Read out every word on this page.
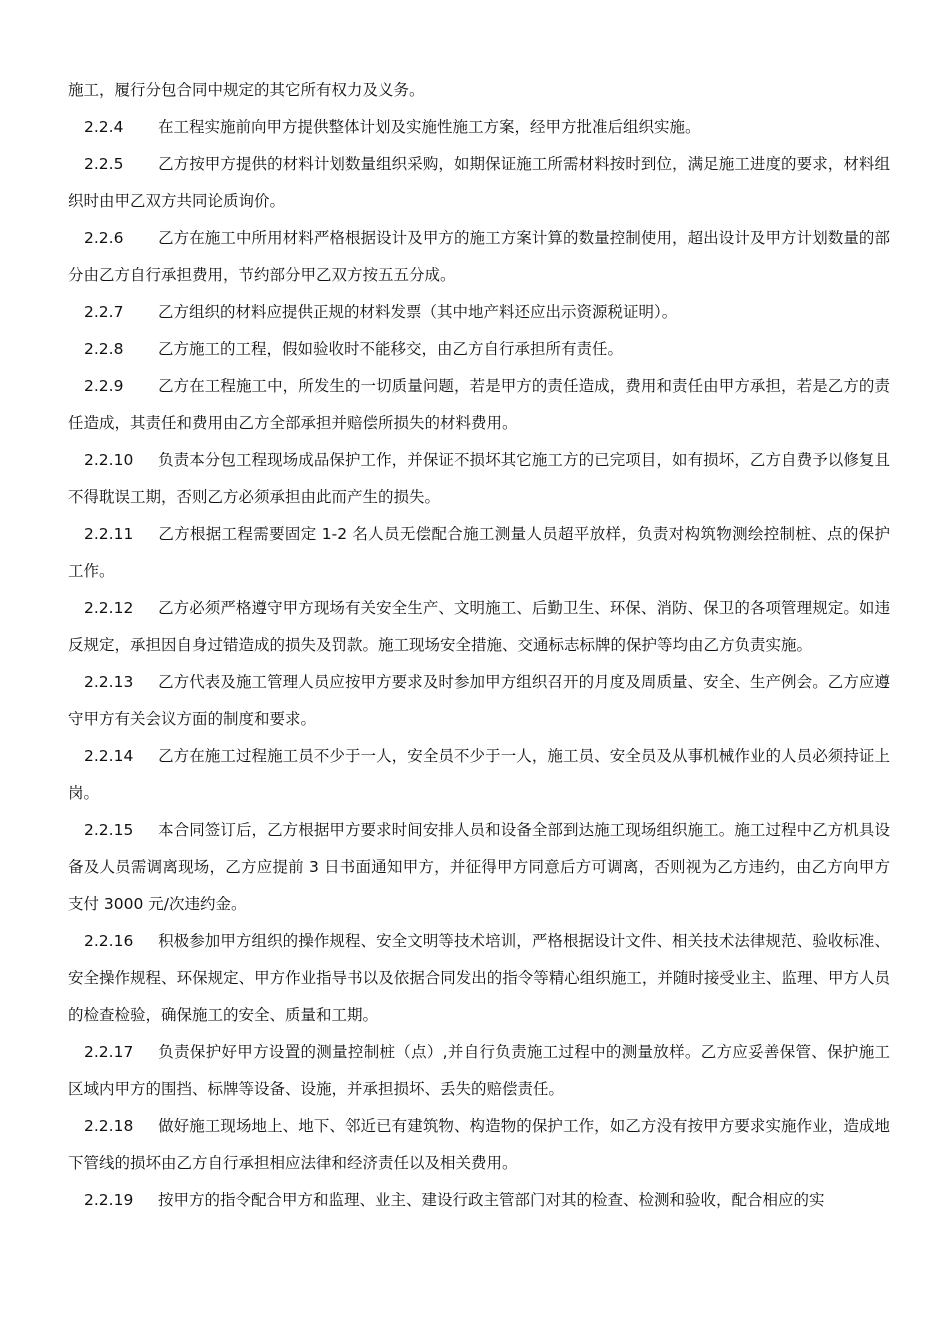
施工，履行分包合同中规定的其它所有权力及义务。

2.2.4 在工程实施前向甲方提供整体计划及实施性施工方案，经甲方批准后组织实施。

2.2.5 乙方按甲方提供的材料计划数量组织采购，如期保证施工所需材料按时到位，满足施工进度的要求，材料组织时由甲乙双方共同论质询价。

2.2.6 乙方在施工中所用材料严格根据设计及甲方的施工方案计算的数量控制使用，超出设计及甲方计划数量的部分由乙方自行承担费用，节约部分甲乙双方按五五分成。

2.2.7 乙方组织的材料应提供正规的材料发票（其中地产料还应出示资源税证明）。

2.2.8 乙方施工的工程，假如验收时不能移交，由乙方自行承担所有责任。

2.2.9 乙方在工程施工中，所发生的一切质量问题，若是甲方的责任造成，费用和责任由甲方承担，若是乙方的责任造成，其责任和费用由乙方全部承担并赔偿所损失的材料费用。

2.2.10 负责本分包工程现场成品保护工作，并保证不损坏其它施工方的已完项目，如有损坏，乙方自费予以修复且不得耽误工期，否则乙方必须承担由此而产生的损失。

2.2.11 乙方根据工程需要固定 1-2 名人员无偿配合施工测量人员超平放样，负责对构筑物测绘控制桩、点的保护工作。

2.2.12 乙方必须严格遵守甲方现场有关安全生产、文明施工、后勤卫生、环保、消防、保卫的各项管理规定。如违反规定，承担因自身过错造成的损失及罚款。施工现场安全措施、交通标志标牌的保护等均由乙方负责实施。

2.2.13 乙方代表及施工管理人员应按甲方要求及时参加甲方组织召开的月度及周质量、安全、生产例会。乙方应遵守甲方有关会议方面的制度和要求。

2.2.14 乙方在施工过程施工员不少于一人，安全员不少于一人，施工员、安全员及从事机械作业的人员必须持证上岗。

2.2.15 本合同签订后，乙方根据甲方要求时间安排人员和设备全部到达施工现场组织施工。施工过程中乙方机具设备及人员需调离现场，乙方应提前 3 日书面通知甲方，并征得甲方同意后方可调离，否则视为乙方违约，由乙方向甲方支付 3000 元/次违约金。

2.2.16 积极参加甲方组织的操作规程、安全文明等技术培训，严格根据设计文件、相关技术法律规范、验收标准、安全操作规程、环保规定、甲方作业指导书以及依据合同发出的指令等精心组织施工，并随时接受业主、监理、甲方人员的检查检验，确保施工的安全、质量和工期。

2.2.17 负责保护好甲方设置的测量控制桩（点）,并自行负责施工过程中的测量放样。乙方应妥善保管、保护施工区域内甲方的围挡、标牌等设备、设施，并承担损坏、丢失的赔偿责任。

2.2.18 做好施工现场地上、地下、邻近已有建筑物、构造物的保护工作，如乙方没有按甲方要求实施作业，造成地下管线的损坏由乙方自行承担相应法律和经济责任以及相关费用。

2.2.19 按甲方的指令配合甲方和监理、业主、建设行政主管部门对其的检查、检测和验收，配合相应的实
